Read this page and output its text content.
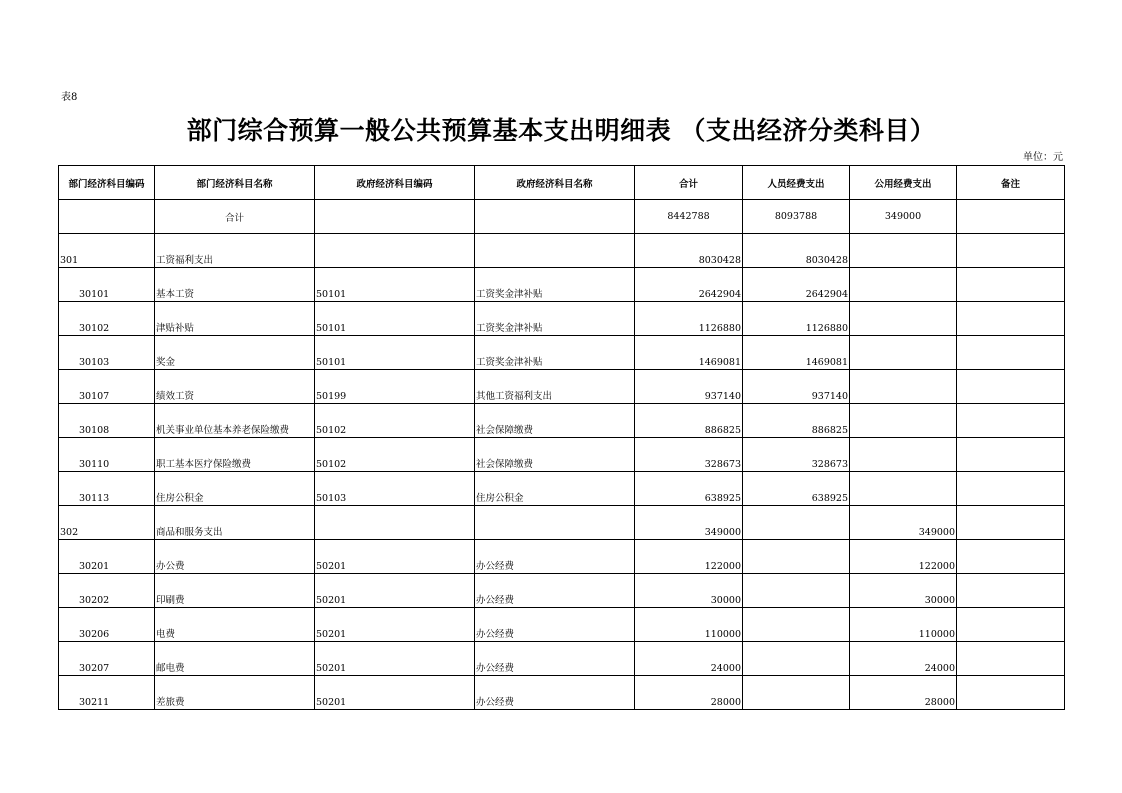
表8
部门综合预算一般公共预算基本支出明细表 （支出经济分类科目）
单位：元
部门经济科目编码	部门经济科目名称	政府经济科目编码	政府经济科目名称	合计	人员经费支出	公用经费支出	备注
	合计			8442788	8093788	349000	
301	工资福利支出			8030428	8030428		
30101	基本工资	50101	工资奖金津补贴	2642904	2642904		
30102	津贴补贴	50101	工资奖金津补贴	1126880	1126880		
30103	奖金	50101	工资奖金津补贴	1469081	1469081		
30107	绩效工资	50199	其他工资福利支出	937140	937140		
30108	机关事业单位基本养老保险缴费	50102	社会保障缴费	886825	886825		
30110	职工基本医疗保险缴费	50102	社会保障缴费	328673	328673		
30113	住房公积金	50103	住房公积金	638925	638925		
302	商品和服务支出			349000		349000	
30201	办公费	50201	办公经费	122000		122000	
30202	印刷费	50201	办公经费	30000		30000	
30206	电费	50201	办公经费	110000		110000	
30207	邮电费	50201	办公经费	24000		24000	
30211	差旅费	50201	办公经费	28000		28000	
